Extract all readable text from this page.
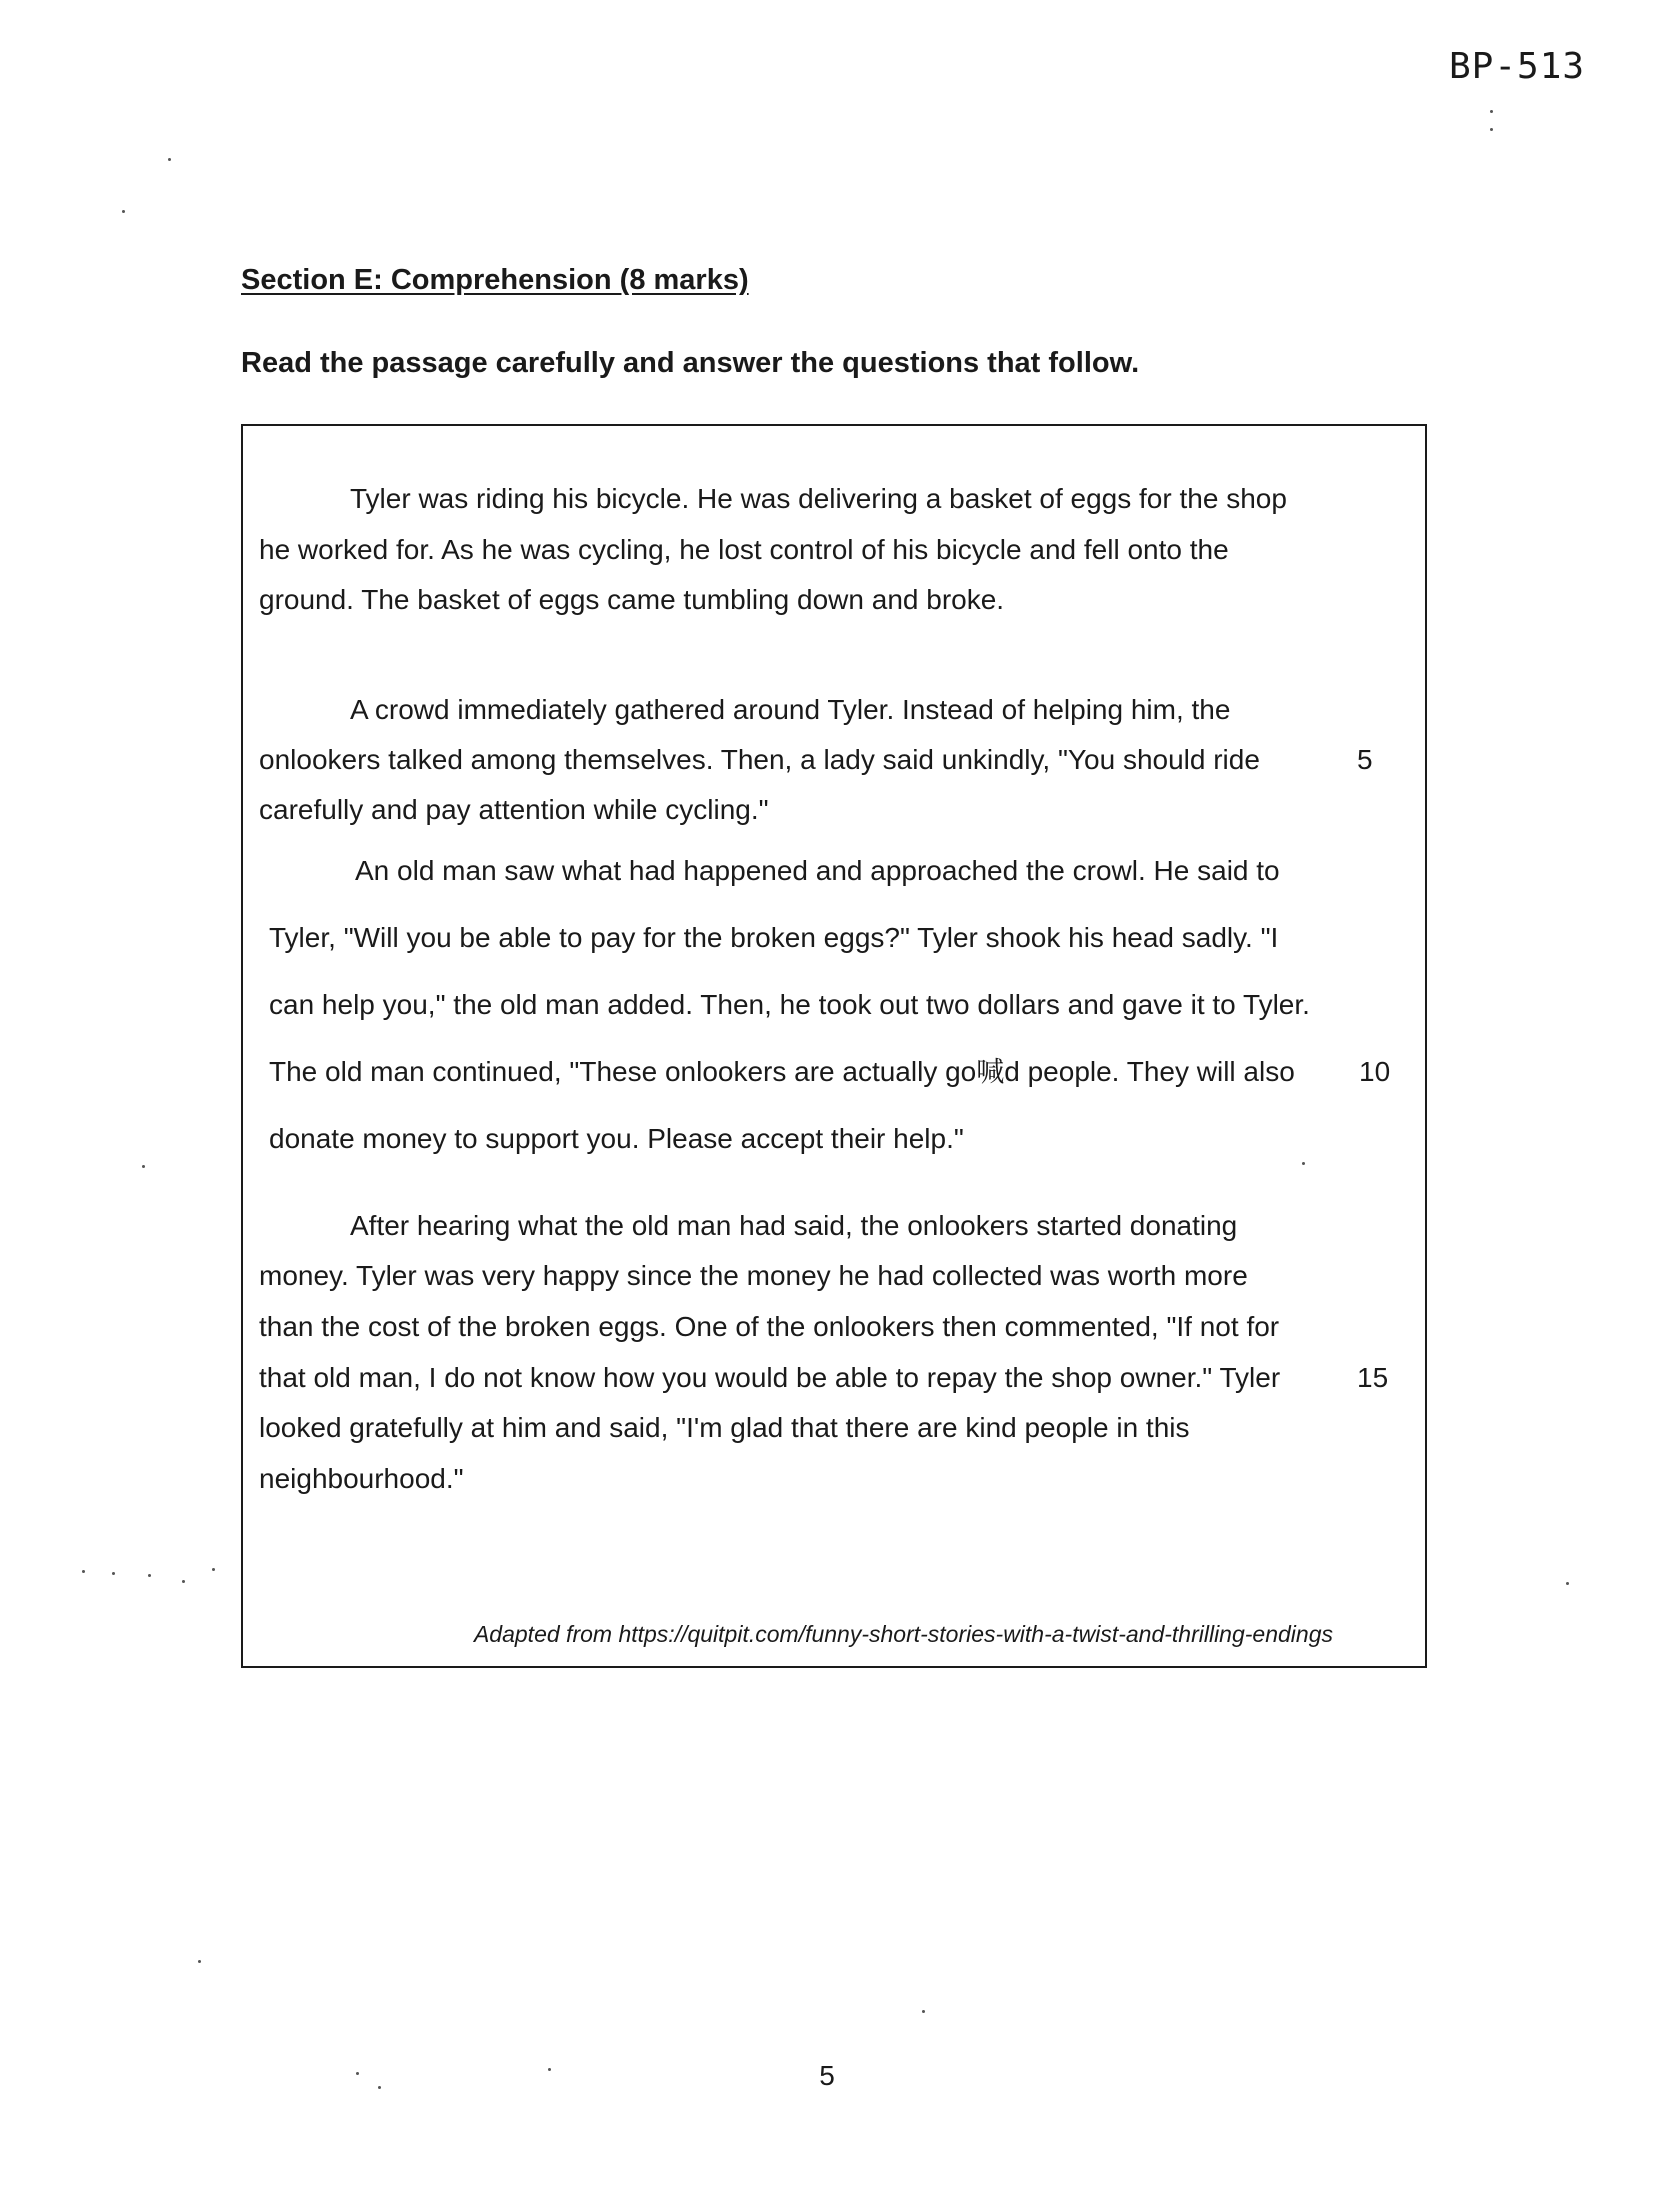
BP-513
Section E: Comprehension (8 marks)
Read the passage carefully and answer the questions that follow.
Tyler was riding his bicycle. He was delivering a basket of eggs for the shop
he worked for. As he was cycling, he lost control of his bicycle and fell onto the
ground. The basket of eggs came tumbling down and broke.
A crowd immediately gathered around Tyler. Instead of helping him, the
onlookers talked among themselves. Then, a lady said unkindly, "You should ride	5
carefully and pay attention while cycling."
An old man saw what had happened and approached the crowl. He said to
Tyler, "Will you be able to pay for the broken eggs?" Tyler shook his head sadly. "I
can help you," the old man added. Then, he took out two dollars and gave it to Tyler.
The old man continued, "These onlookers are actually go喊d people. They will also 10
donate money to support you. Please accept their help."
After hearing what the old man had said, the onlookers started donating
money. Tyler was very happy since the money he had collected was worth more
than the cost of the broken eggs. One of the onlookers then commented, "If not for
that old man, I do not know how you would be able to repay the shop owner." Tyler	15
looked gratefully at him and said, "I'm glad that there are kind people in this
neighbourhood."
Adapted from https://quitpit.com/funny-short-stories-with-a-twist-and-thrilling-endings
5
